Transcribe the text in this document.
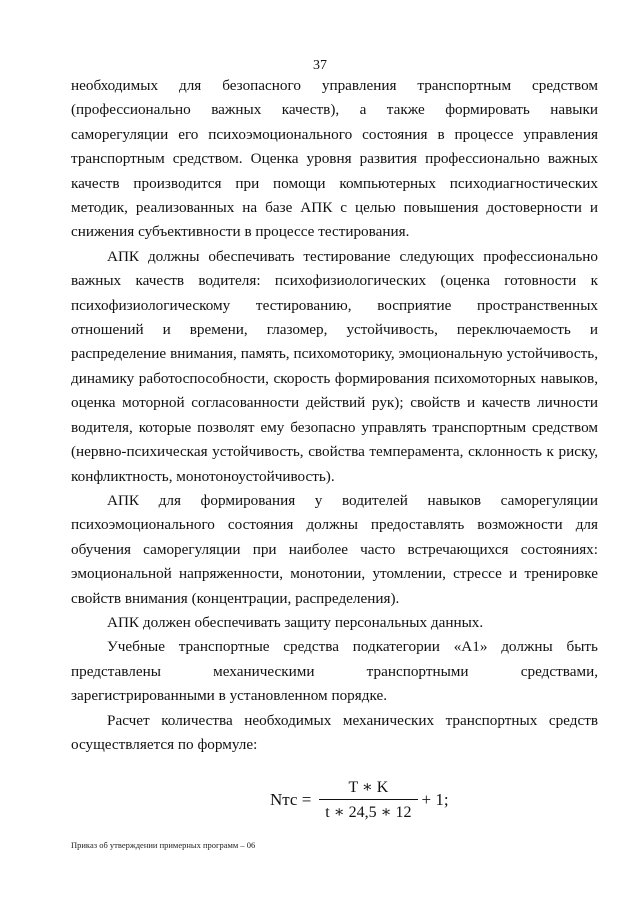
37

необходимых для безопасного управления транспортным средством (профессионально важных качеств), а также формировать навыки саморегуляции его психоэмоционального состояния в процессе управления транспортным средством. Оценка уровня развития профессионально важных качеств производится при помощи компьютерных психодиагностических методик, реализованных на базе АПК с целью повышения достоверности и снижения субъективности в процессе тестирования.

АПК должны обеспечивать тестирование следующих профессионально важных качеств водителя: психофизиологических (оценка готовности к психофизиологическому тестированию, восприятие пространственных отношений и времени, глазомер, устойчивость, переключаемость и распределение внимания, память, психомоторику, эмоциональную устойчивость, динамику работоспособности, скорость формирования психомоторных навыков, оценка моторной согласованности действий рук); свойств и качеств личности водителя, которые позволят ему безопасно управлять транспортным средством (нервно-психическая устойчивость, свойства темперамента, склонность к риску, конфликтность, монотоноустойчивость).

АПК для формирования у водителей навыков саморегуляции психоэмоционального состояния должны предоставлять возможности для обучения саморегуляции при наиболее часто встречающихся состояниях: эмоциональной напряженности, монотонии, утомлении, стрессе и тренировке свойств внимания (концентрации, распределения).

АПК должен обеспечивать защиту персональных данных.

Учебные транспортные средства подкатегории «A1» должны быть представлены механическими транспортными средствами, зарегистрированными в установленном порядке.

Расчет количества необходимых механических транспортных средств осуществляется по формуле:

Nтс = $\frac{T ∗ K}{t ∗ 24,5 ∗ 12} + 1$;
Приказ об утверждении примерных программ – 06
